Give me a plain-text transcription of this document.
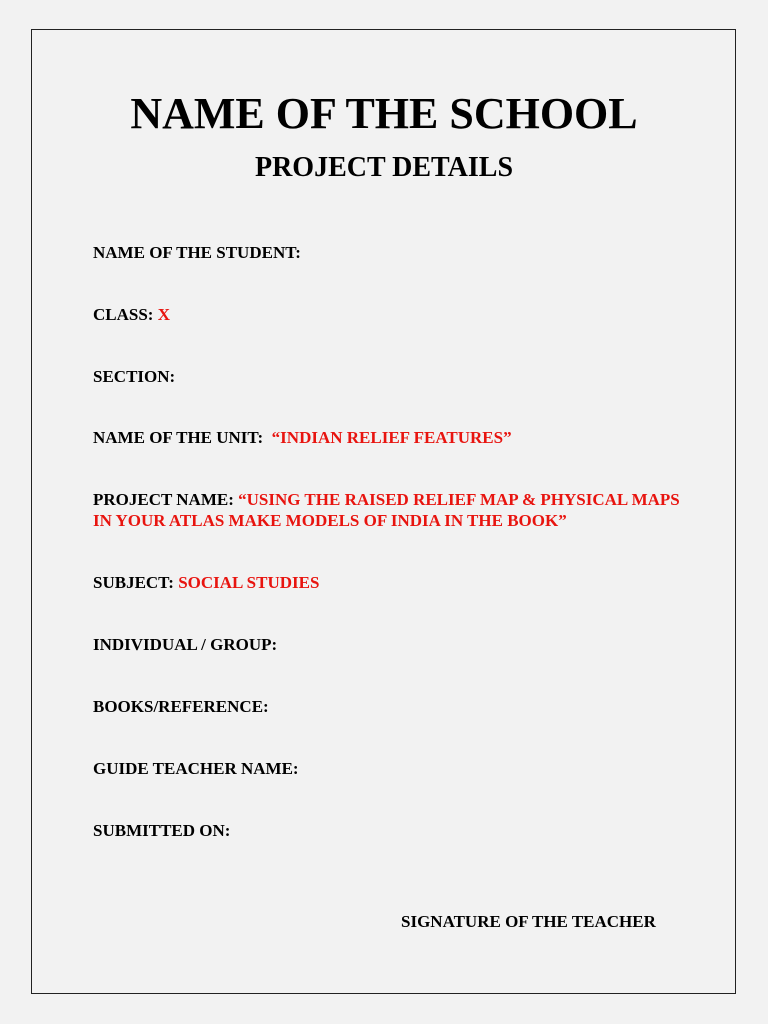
NAME OF THE SCHOOL
PROJECT DETAILS
NAME OF THE STUDENT:
CLASS: X
SECTION:
NAME OF THE UNIT: “INDIAN RELIEF FEATURES”
PROJECT NAME: “USING THE RAISED RELIEF MAP & PHYSICAL MAPS IN YOUR ATLAS MAKE MODELS OF INDIA IN THE BOOK”
SUBJECT: SOCIAL STUDIES
INDIVIDUAL / GROUP:
BOOKS/REFERENCE:
GUIDE TEACHER NAME:
SUBMITTED ON:
SIGNATURE OF THE TEACHER
